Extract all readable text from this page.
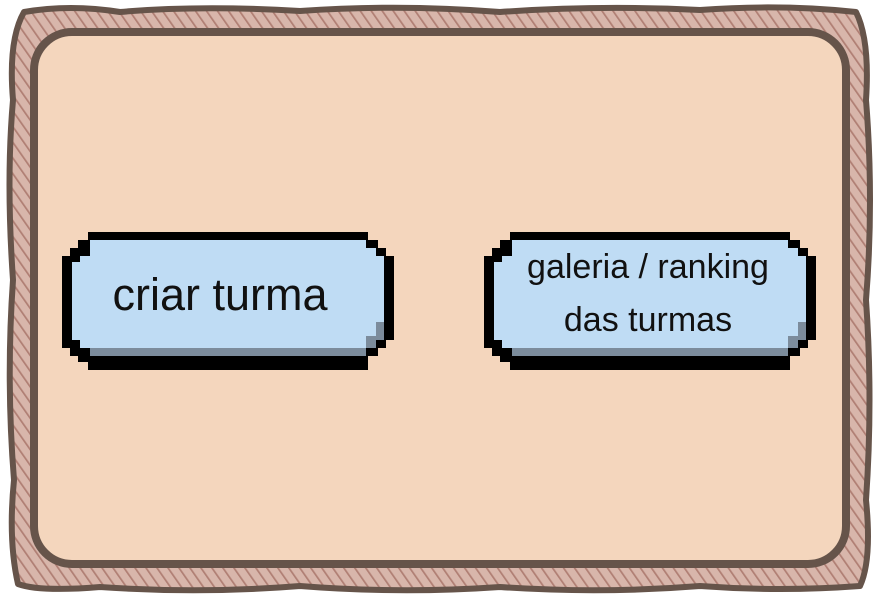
criar turma
galeria / ranking
das turmas
